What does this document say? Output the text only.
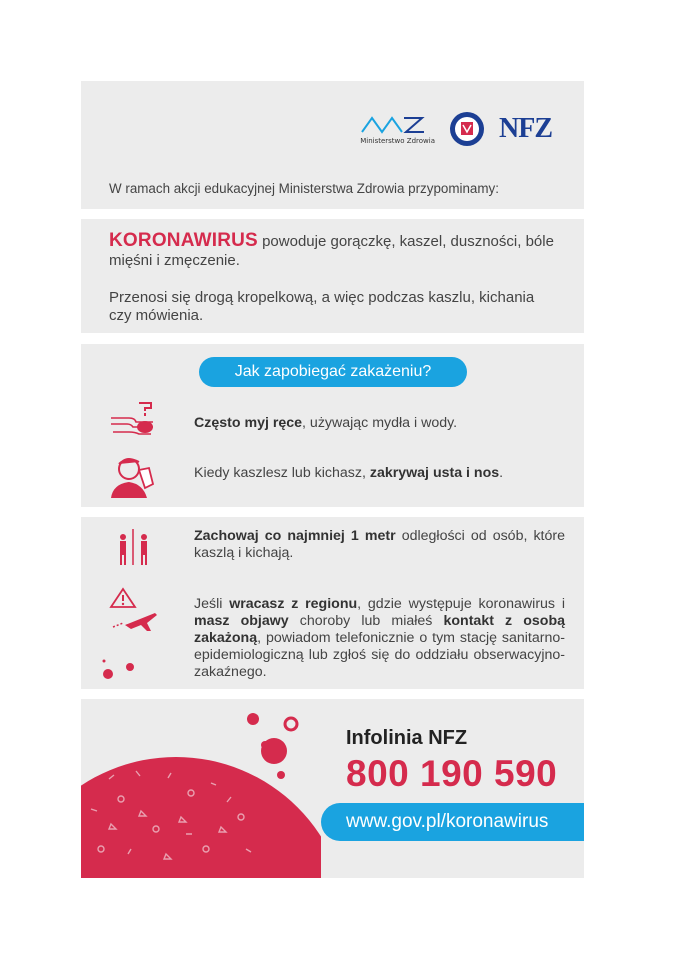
Ministerstwo Zdrowia NFZ
W ramach akcji edukacyjnej Ministerstwa Zdrowia przypominamy:
KORONAWIRUS powoduje gorączkę, kaszel, duszności, bóle mięśni i zmęczenie.
Przenosi się drogą kropelkową, a więc podczas kaszlu, kichania czy mówienia.
Jak zapobiegać zakażeniu?
Często myj ręce, używając mydła i wody.
Kiedy kaszlesz lub kichasz, zakrywaj usta i nos.
Zachowaj co najmniej 1 metr odległości od osób, które kaszlą i kichają.
Jeśli wracasz z regionu, gdzie występuje koronawirus i masz objawy choroby lub miałeś kontakt z osobą zakażoną, powiadom telefonicznie o tym stację sanitarno-epidemiologiczną lub zgłoś się do oddziału obserwacyjno-zakaźnego.
Infolinia NFZ
800 190 590
www.gov.pl/koronawirus
